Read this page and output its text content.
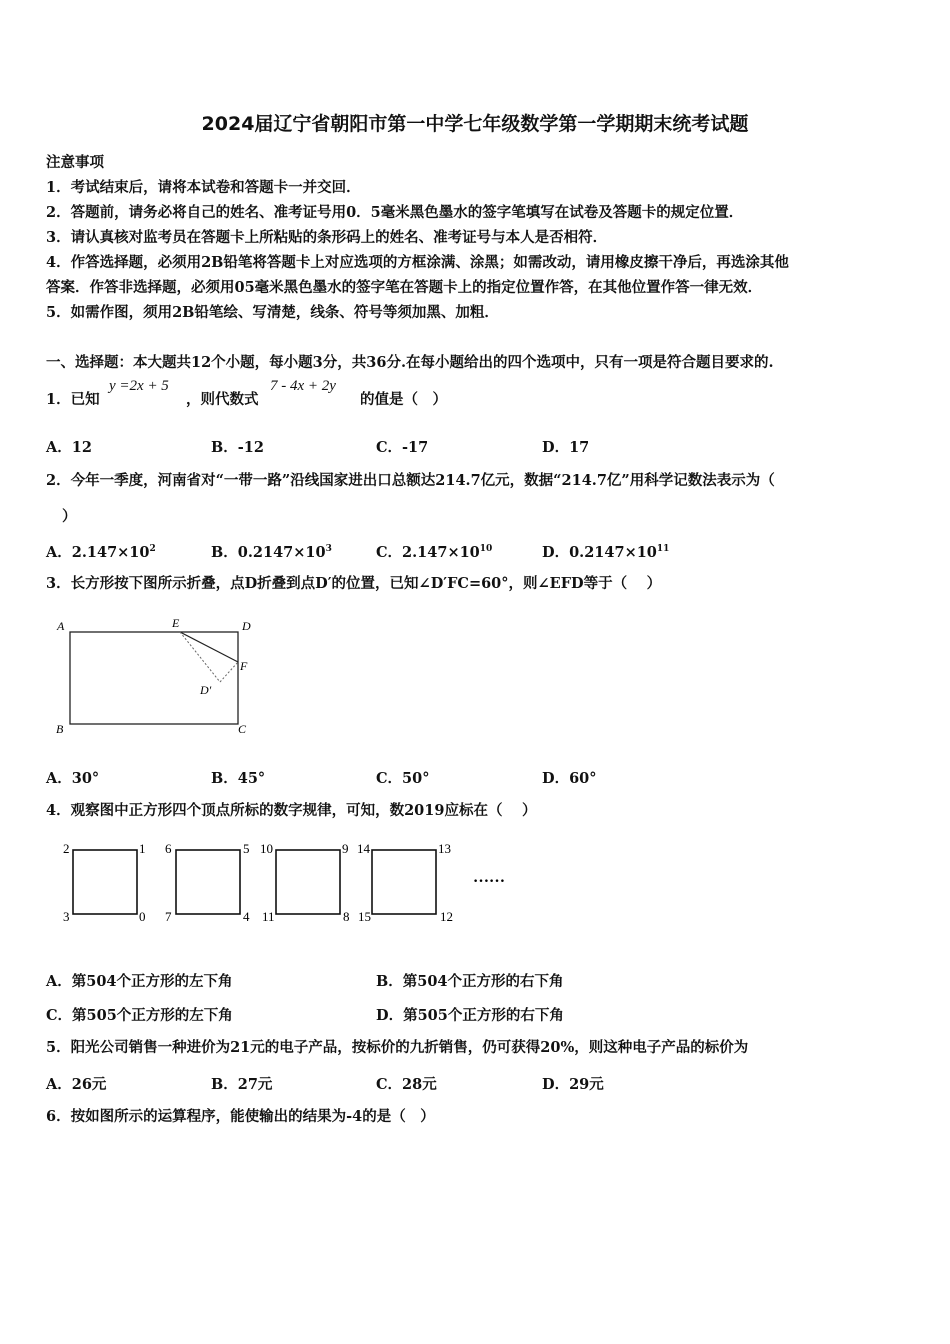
2024届辽宁省朝阳市第一中学七年级数学第一学期期末统考试题
注意事项
1．考试结束后，请将本试卷和答题卡一并交回．
2．答题前，请务必将自己的姓名、准考证号用0．5毫米黑色墨水的签字笔填写在试卷及答题卡的规定位置．
3．请认真核对监考员在答题卡上所粘贴的条形码上的姓名、准考证号与本人是否相符．
4．作答选择题，必须用2B铅笔将答题卡上对应选项的方框涂满、涂黑；如需改动，请用橡皮擦干净后，再选涂其他
答案．作答非选择题，必须用05毫米黑色墨水的签字笔在答题卡上的指定位置作答，在其他位置作答一律无效．
5．如需作图，须用2B铅笔绘、写清楚，线条、符号等须加黑、加粗．
一、选择题：本大题共12个小题，每小题3分，共36分.在每小题给出的四个选项中，只有一项是符合题目要求的.
1．已知
y =2x + 5
，则代数式
7 - 4x + 2y
的值是（　）
A．12	B．-12	C．-17	D．17
2．今年一季度，河南省对“一带一路”沿线国家进出口总额达214.7亿元，数据“214.7亿”用科学记数法表示为（
）
A．$2.147\times 10^2$	B．$0.2147\times 10^3$	C．$2.147\times 10^{10}$	D．$0.2147\times 10^{11}$
3．长方形按下图所示折叠，点D折叠到点D′的位置，已知∠D′FC=60°，则∠EFD等于（　 ）
A	E	D
F
D′
B	C
A．30°	B．45°	C．50°	D．60°
4．观察图中正方形四个顶点所标的数字规律，可知，数2019应标在（　 ）
2	1
3	0
6	5
7	4
10	9
11	8
14	13
15	12
……
A．第504个正方形的左下角	B．第504个正方形的右下角
C．第505个正方形的左下角	D．第505个正方形的右下角
5．阳光公司销售一种进价为21元的电子产品，按标价的九折销售，仍可获得20%，则这种电子产品的标价为
A．26元	B．27元	C．28元	D．29元
6．按如图所示的运算程序，能使输出的结果为-4的是（　）
